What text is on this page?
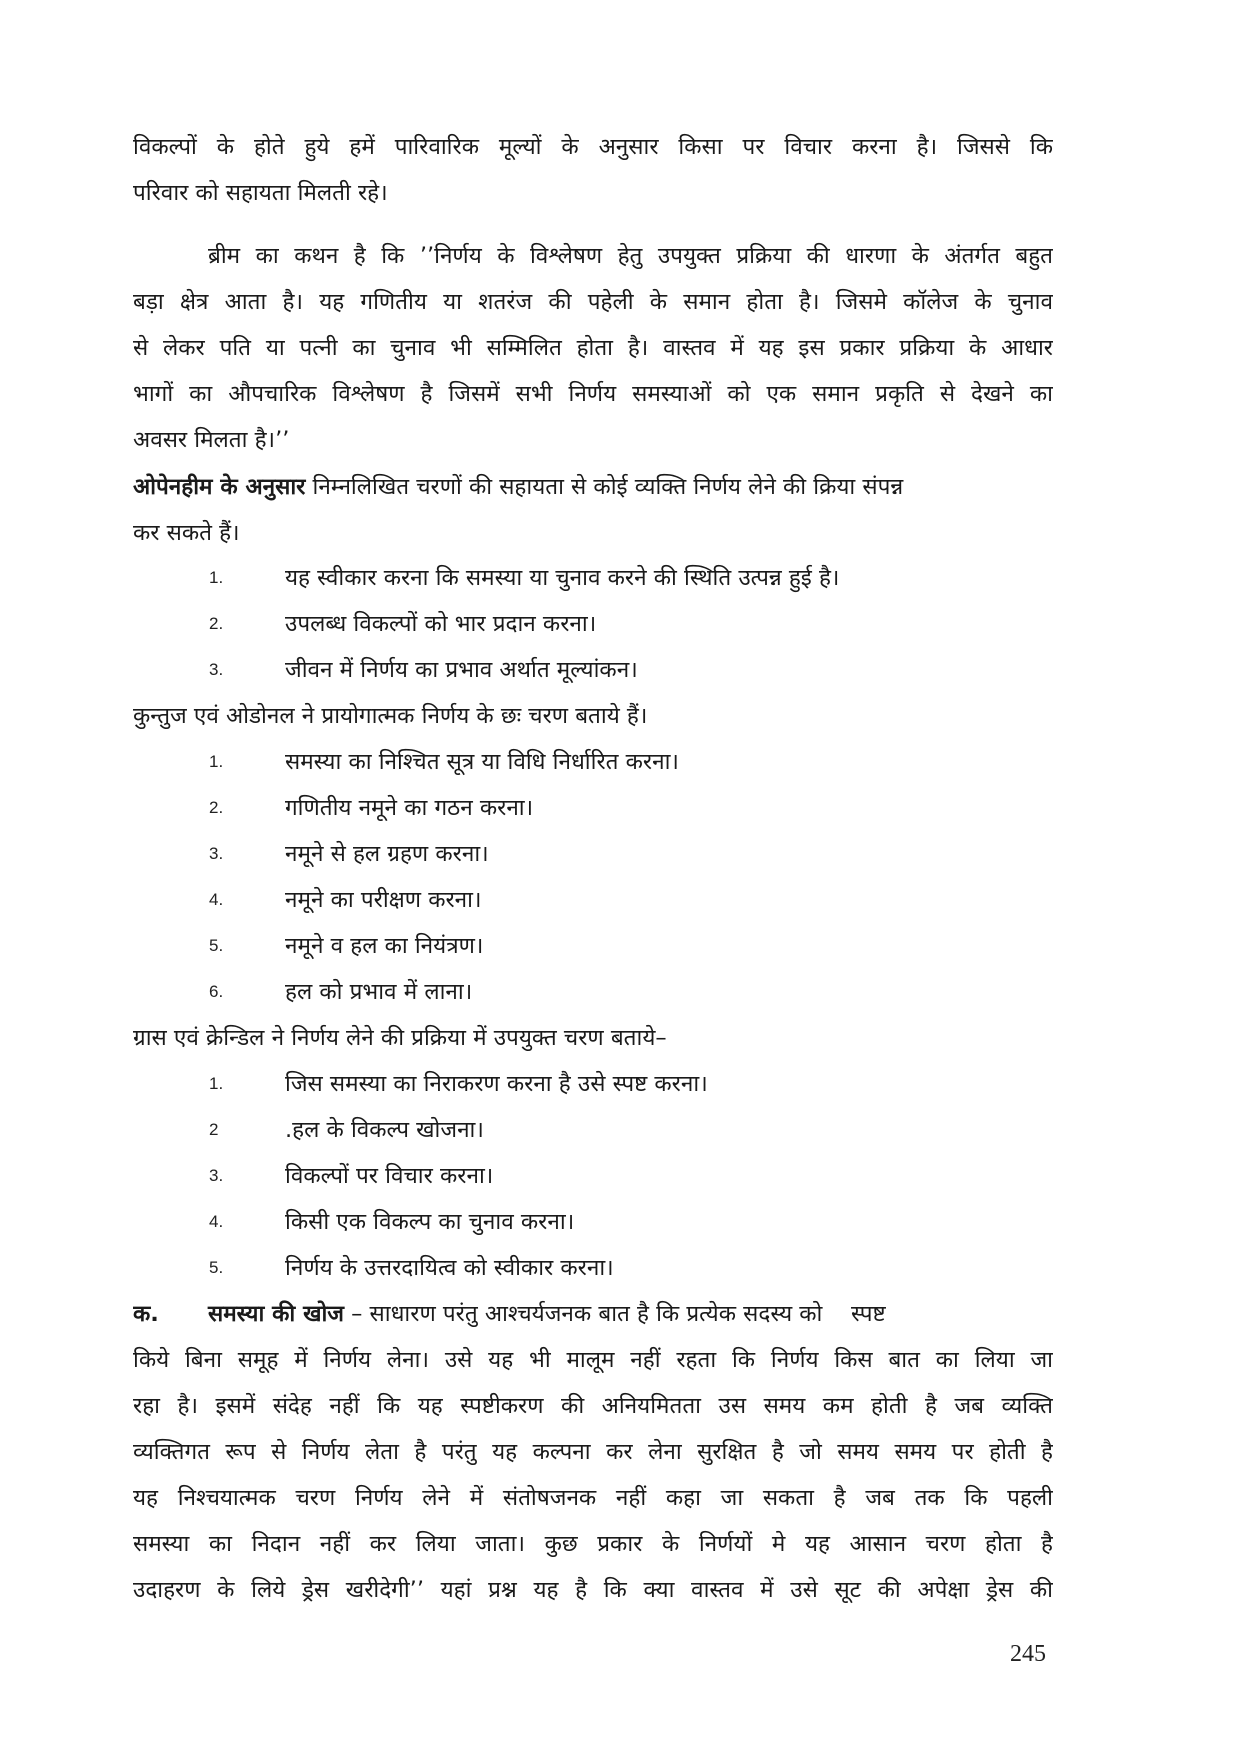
विकल्पों के होते हुये हमें पारिवारिक मूल्यों के अनुसार किसा पर विचार करना है। जिससे कि
परिवार को सहायता मिलती रहे।
ब्रीम का कथन है कि ’’निर्णय के विश्लेषण हेतु उपयुक्त प्रक्रिया की धारणा के अंतर्गत बहुत
बड़ा क्षेत्र आता है। यह गणितीय या शतरंज की पहेली के समान होता है। जिसमे कॉलेज के चुनाव
से लेकर पति या पत्नी का चुनाव भी सम्मिलित होता है। वास्तव में यह इस प्रकार प्रक्रिया के आधार
भागों का औपचारिक विश्लेषण है जिसमें सभी निर्णय समस्याओं को एक समान प्रकृति से देखने का
अवसर मिलता है।’’
ओपेनहीम के अनुसार निम्नलिखित चरणों की सहायता से कोई व्यक्ति निर्णय लेने की क्रिया संपन्न
कर सकते हैं।
1.	यह स्वीकार करना कि समस्या या चुनाव करने की स्थिति उत्पन्न हुई है।
2.	उपलब्ध विकल्पों को भार प्रदान करना।
3.	जीवन में निर्णय का प्रभाव अर्थात मूल्यांकन।
कुन्तुज एवं ओडोनल ने प्रायोगात्मक निर्णय के छः चरण बताये हैं।
1.	समस्या का निश्चित सूत्र या विधि निर्धारित करना।
2.	गणितीय नमूने का गठन करना।
3.	नमूने से हल ग्रहण करना।
4.	नमूने का परीक्षण करना।
5.	नमूने व हल का नियंत्रण।
6.	हल को प्रभाव में लाना।
ग्रास एवं क्रेन्डिल ने निर्णय लेने की प्रक्रिया में उपयुक्त चरण बताये–
1.	जिस समस्या का निराकरण करना है उसे स्पष्ट करना।
2	.हल के विकल्प खोजना।
3.	विकल्पों पर विचार करना।
4.	किसी एक विकल्प का चुनाव करना।
5.	निर्णय के उत्तरदायित्व को स्वीकार करना।
क. समस्या की खोज – साधारण परंतु आश्चर्यजनक बात है कि प्रत्येक सदस्य को    स्पष्ट
किये बिना समूह में निर्णय लेना। उसे यह भी मालूम नहीं रहता कि निर्णय किस बात का लिया जा
रहा है। इसमें संदेह नहीं कि यह स्पष्टीकरण की अनियमितता उस समय कम होती है जब व्यक्ति
व्यक्तिगत रूप से निर्णय लेता है परंतु यह कल्पना कर लेना सुरक्षित है जो समय समय पर होती है
यह निश्चयात्मक चरण निर्णय लेने में संतोषजनक नहीं कहा जा सकता है जब तक कि पहली
समस्या का निदान नहीं कर लिया जाता। कुछ प्रकार के निर्णयों मे यह आसान चरण होता है
उदाहरण के लिये ड्रेस खरीदेगी’’ यहां प्रश्न यह है कि क्या वास्तव में उसे सूट की अपेक्षा ड्रेस की
245
